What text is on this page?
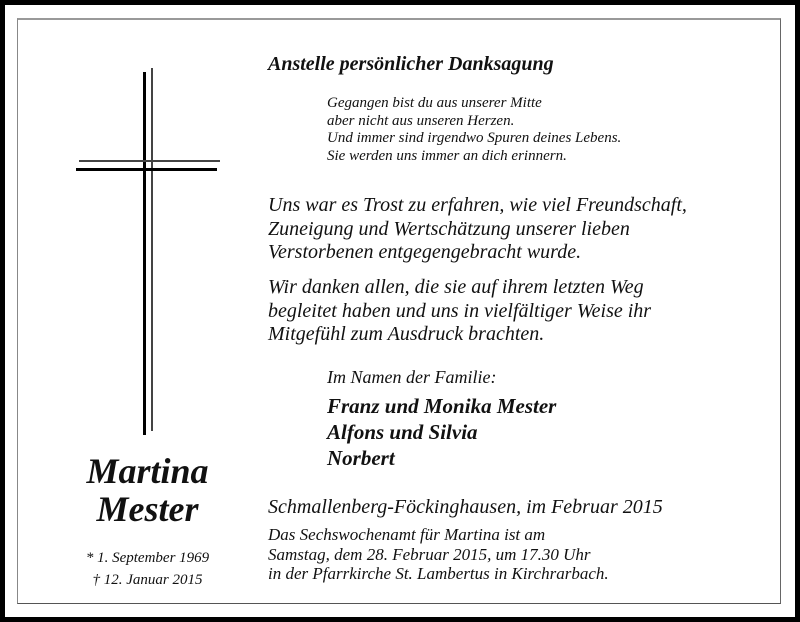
Martina
Mester
* 1. September 1969
† 12. Januar 2015
Anstelle persönlicher Danksagung
Gegangen bist du aus unserer Mitte
aber nicht aus unseren Herzen.
Und immer sind irgendwo Spuren deines Lebens.
Sie werden uns immer an dich erinnern.
Uns war es Trost zu erfahren, wie viel Freundschaft,
Zuneigung und Wertschätzung unserer lieben
Verstorbenen entgegengebracht wurde.
Wir danken allen, die sie auf ihrem letzten Weg
begleitet haben und uns in vielfältiger Weise ihr
Mitgefühl zum Ausdruck brachten.
Im Namen der Familie:
Franz und Monika Mester
Alfons und Silvia
Norbert
Schmallenberg-Föckinghausen, im Februar 2015
Das Sechswochenamt für Martina ist am
Samstag, dem 28. Februar 2015, um 17.30 Uhr
in der Pfarrkirche St. Lambertus in Kirchrarbach.
